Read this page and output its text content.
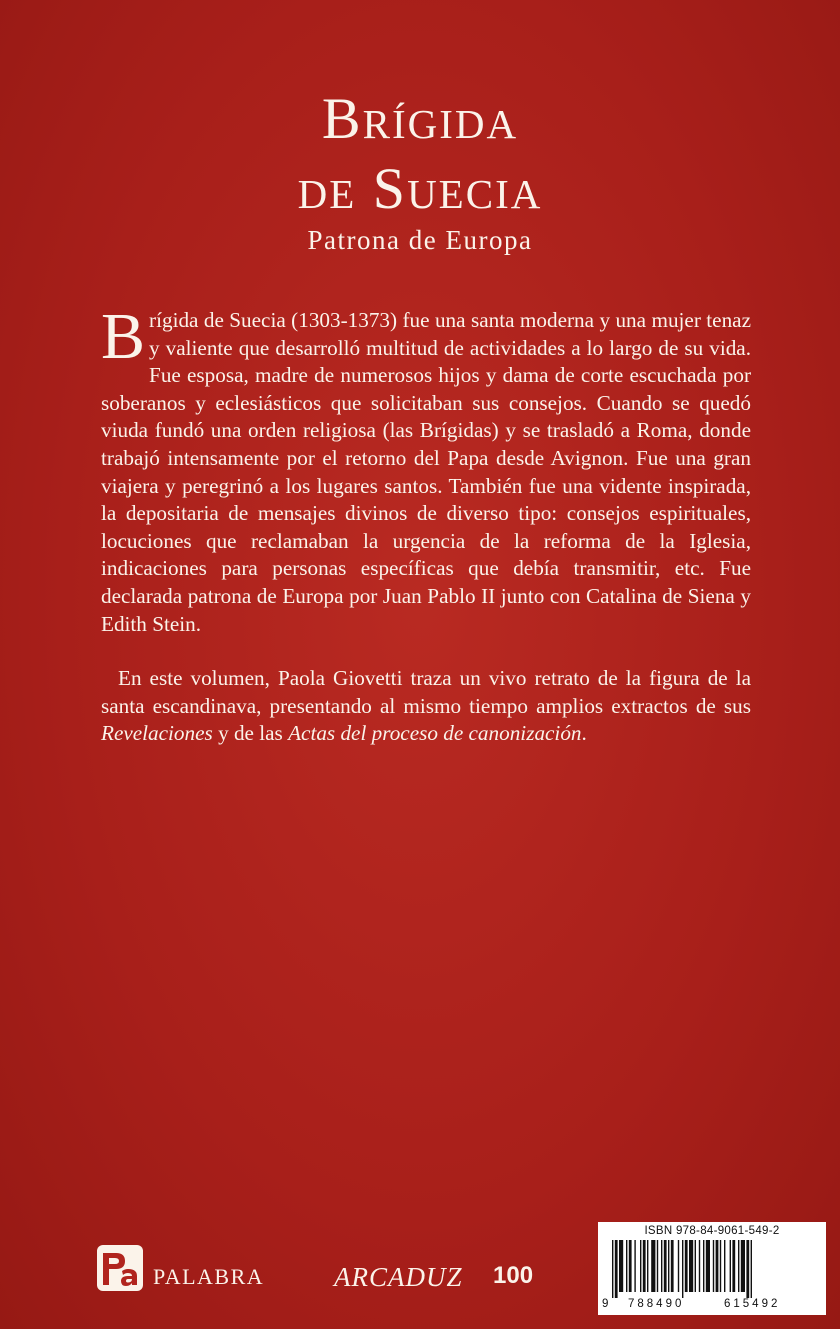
Brígida
de Suecia
Patrona de Europa

Brígida de Suecia (1303-1373) fue una santa moderna y una mujer tenaz y valiente que desarrolló multitud de actividades a lo largo de su vida. Fue esposa, madre de numerosos hijos y dama de corte escuchada por soberanos y eclesiásticos que solicitaban sus consejos. Cuando se quedó viuda fundó una orden religiosa (las Brígidas) y se trasladó a Roma, donde trabajó intensamente por el retorno del Papa desde Avignon. Fue una gran viajera y peregrinó a los lugares santos. También fue una vidente inspirada, la depositaria de mensajes divinos de diverso tipo: consejos espirituales, locuciones que reclamaban la urgencia de la reforma de la Iglesia, indicaciones para personas específicas que debía transmitir, etc. Fue declarada patrona de Europa por Juan Pablo II junto con Catalina de Siena y Edith Stein.

En este volumen, Paola Giovetti traza un vivo retrato de la figura de la santa escandinava, presentando al mismo tiempo amplios extractos de sus Revelaciones y de las Actas del proceso de canonización.

PALABRA	ARCADUZ 100
ISBN 978-84-9061-549-2
9 788490	615492
